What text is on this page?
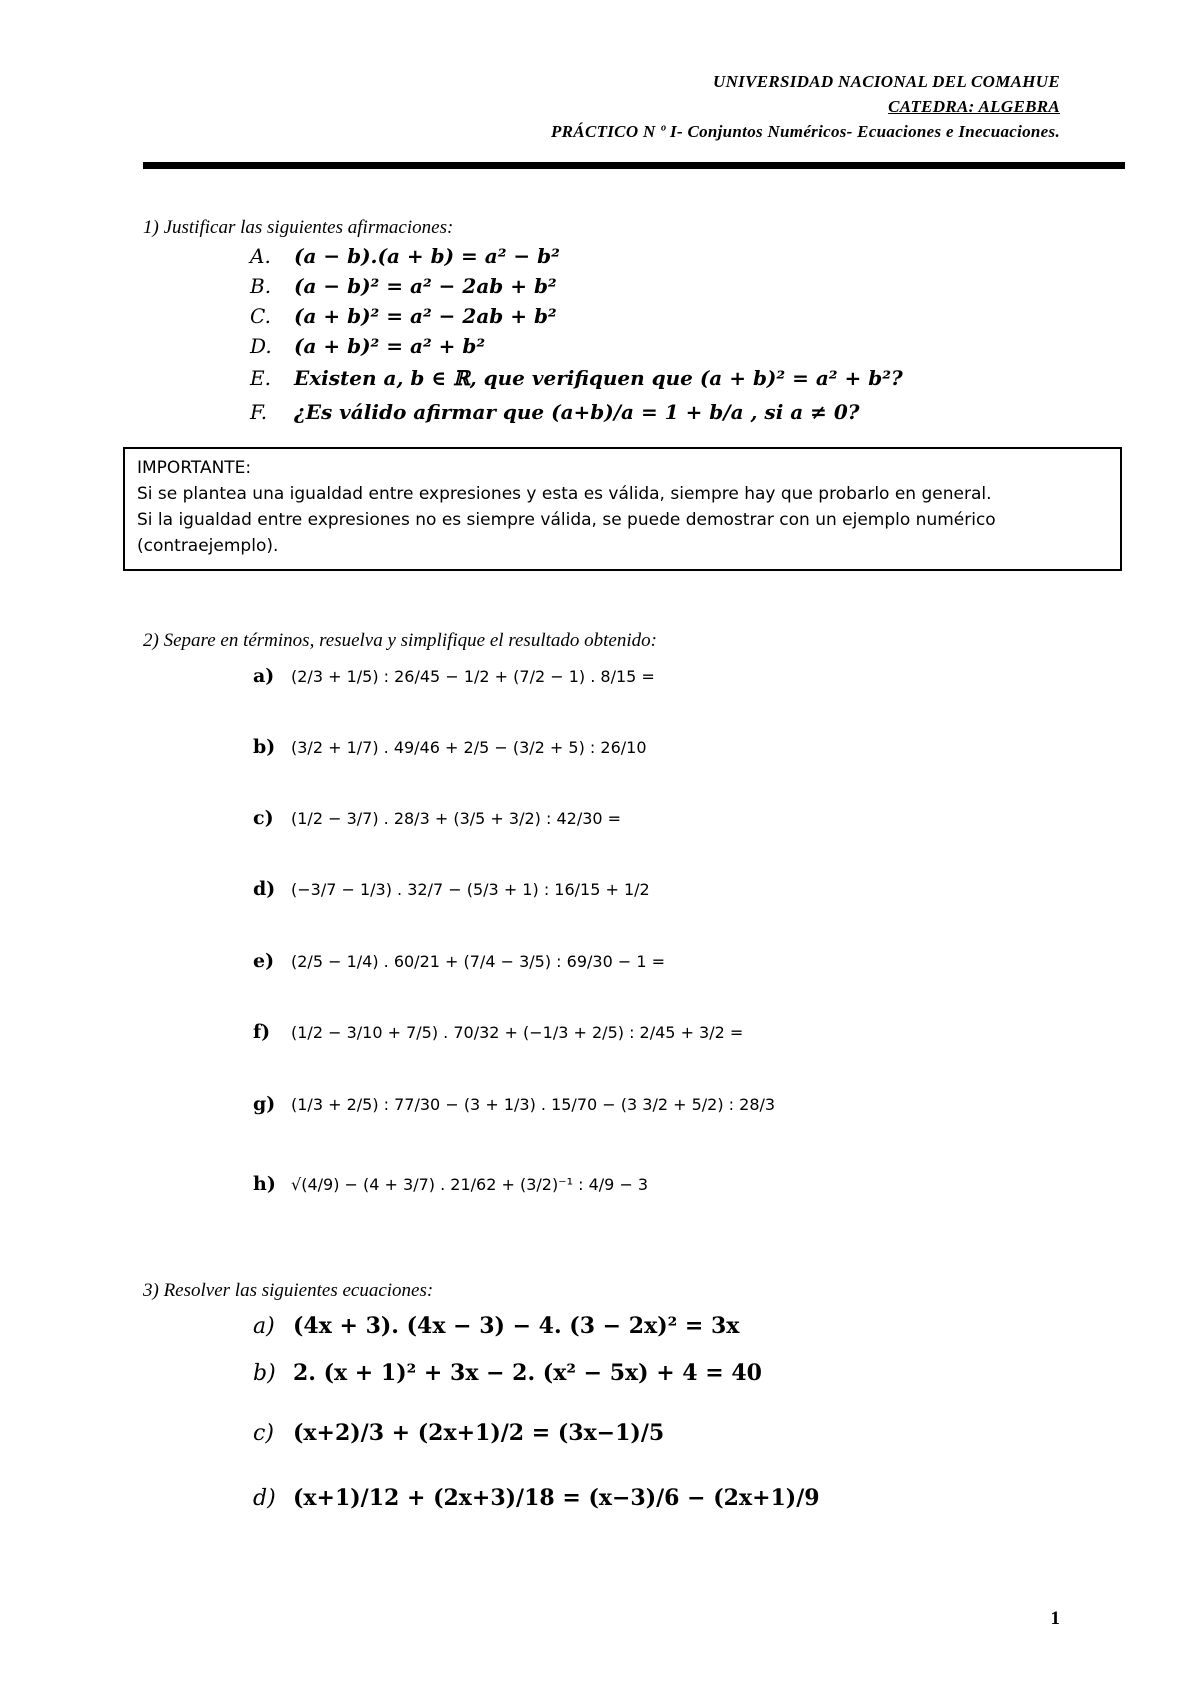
UNIVERSIDAD NACIONAL DEL COMAHUE
CATEDRA: ALGEBRA
PRÁCTICO N º I- Conjuntos Numéricos- Ecuaciones e Inecuaciones.
1) Justificar las siguientes afirmaciones:
A. (a − b).(a + b) = a² − b²
B. (a − b)² = a² − 2ab + b²
C. (a + b)² = a² − 2ab + b²
D. (a + b)² = a² + b²
E. Existen a, b ∈ ℝ, que verifiquen que (a + b)² = a² + b²?
F. ¿Es válido afirmar que (a+b)/a = 1 + b/a , si a ≠ 0?
IMPORTANTE:
Si se plantea una igualdad entre expresiones y esta es válida, siempre hay que probarlo en general.
Si la igualdad entre expresiones no es siempre válida, se puede demostrar con un ejemplo numérico
(contraejemplo).
2) Separe en términos, resuelva y simplifique el resultado obtenido:
a)	(2/3 + 1/5) : 26/45 − 1/2 + (7/2 − 1) . 8/15 =
b) (3/2 + 1/7) . 49/46 + 2/5 − (3/2 + 5) : 26/10
c)	(1/2 − 3/7) . 28/3 + (3/5 + 3/2) : 42/30 =
d) (−3/7 − 1/3) . 32/7 − (5/3 + 1) : 16/15 + 1/2
e)	(2/5 − 1/4) . 60/21 + (7/4 − 3/5) : 69/30 − 1 =
f)	(1/2 − 3/10 + 7/5) . 70/32 + (−1/3 + 2/5) : 2/45 + 3/2 =
g) (1/3 + 2/5) : 77/30 − (3 + 1/3) . 15/70 − (3 3/2 + 5/2) : 28/3
h) √(4/9) − (4 + 3/7) . 21/62 + (3/2)⁻¹ : 4/9 − 3
3) Resolver las siguientes ecuaciones:
a) (4x + 3). (4x − 3) − 4. (3 − 2x)² = 3x
b) 2. (x + 1)² + 3x − 2. (x² − 5x) + 4 = 40
c) (x+2)/3 + (2x+1)/2 = (3x−1)/5
d) (x+1)/12 + (2x+3)/18 = (x−3)/6 − (2x+1)/9
1
